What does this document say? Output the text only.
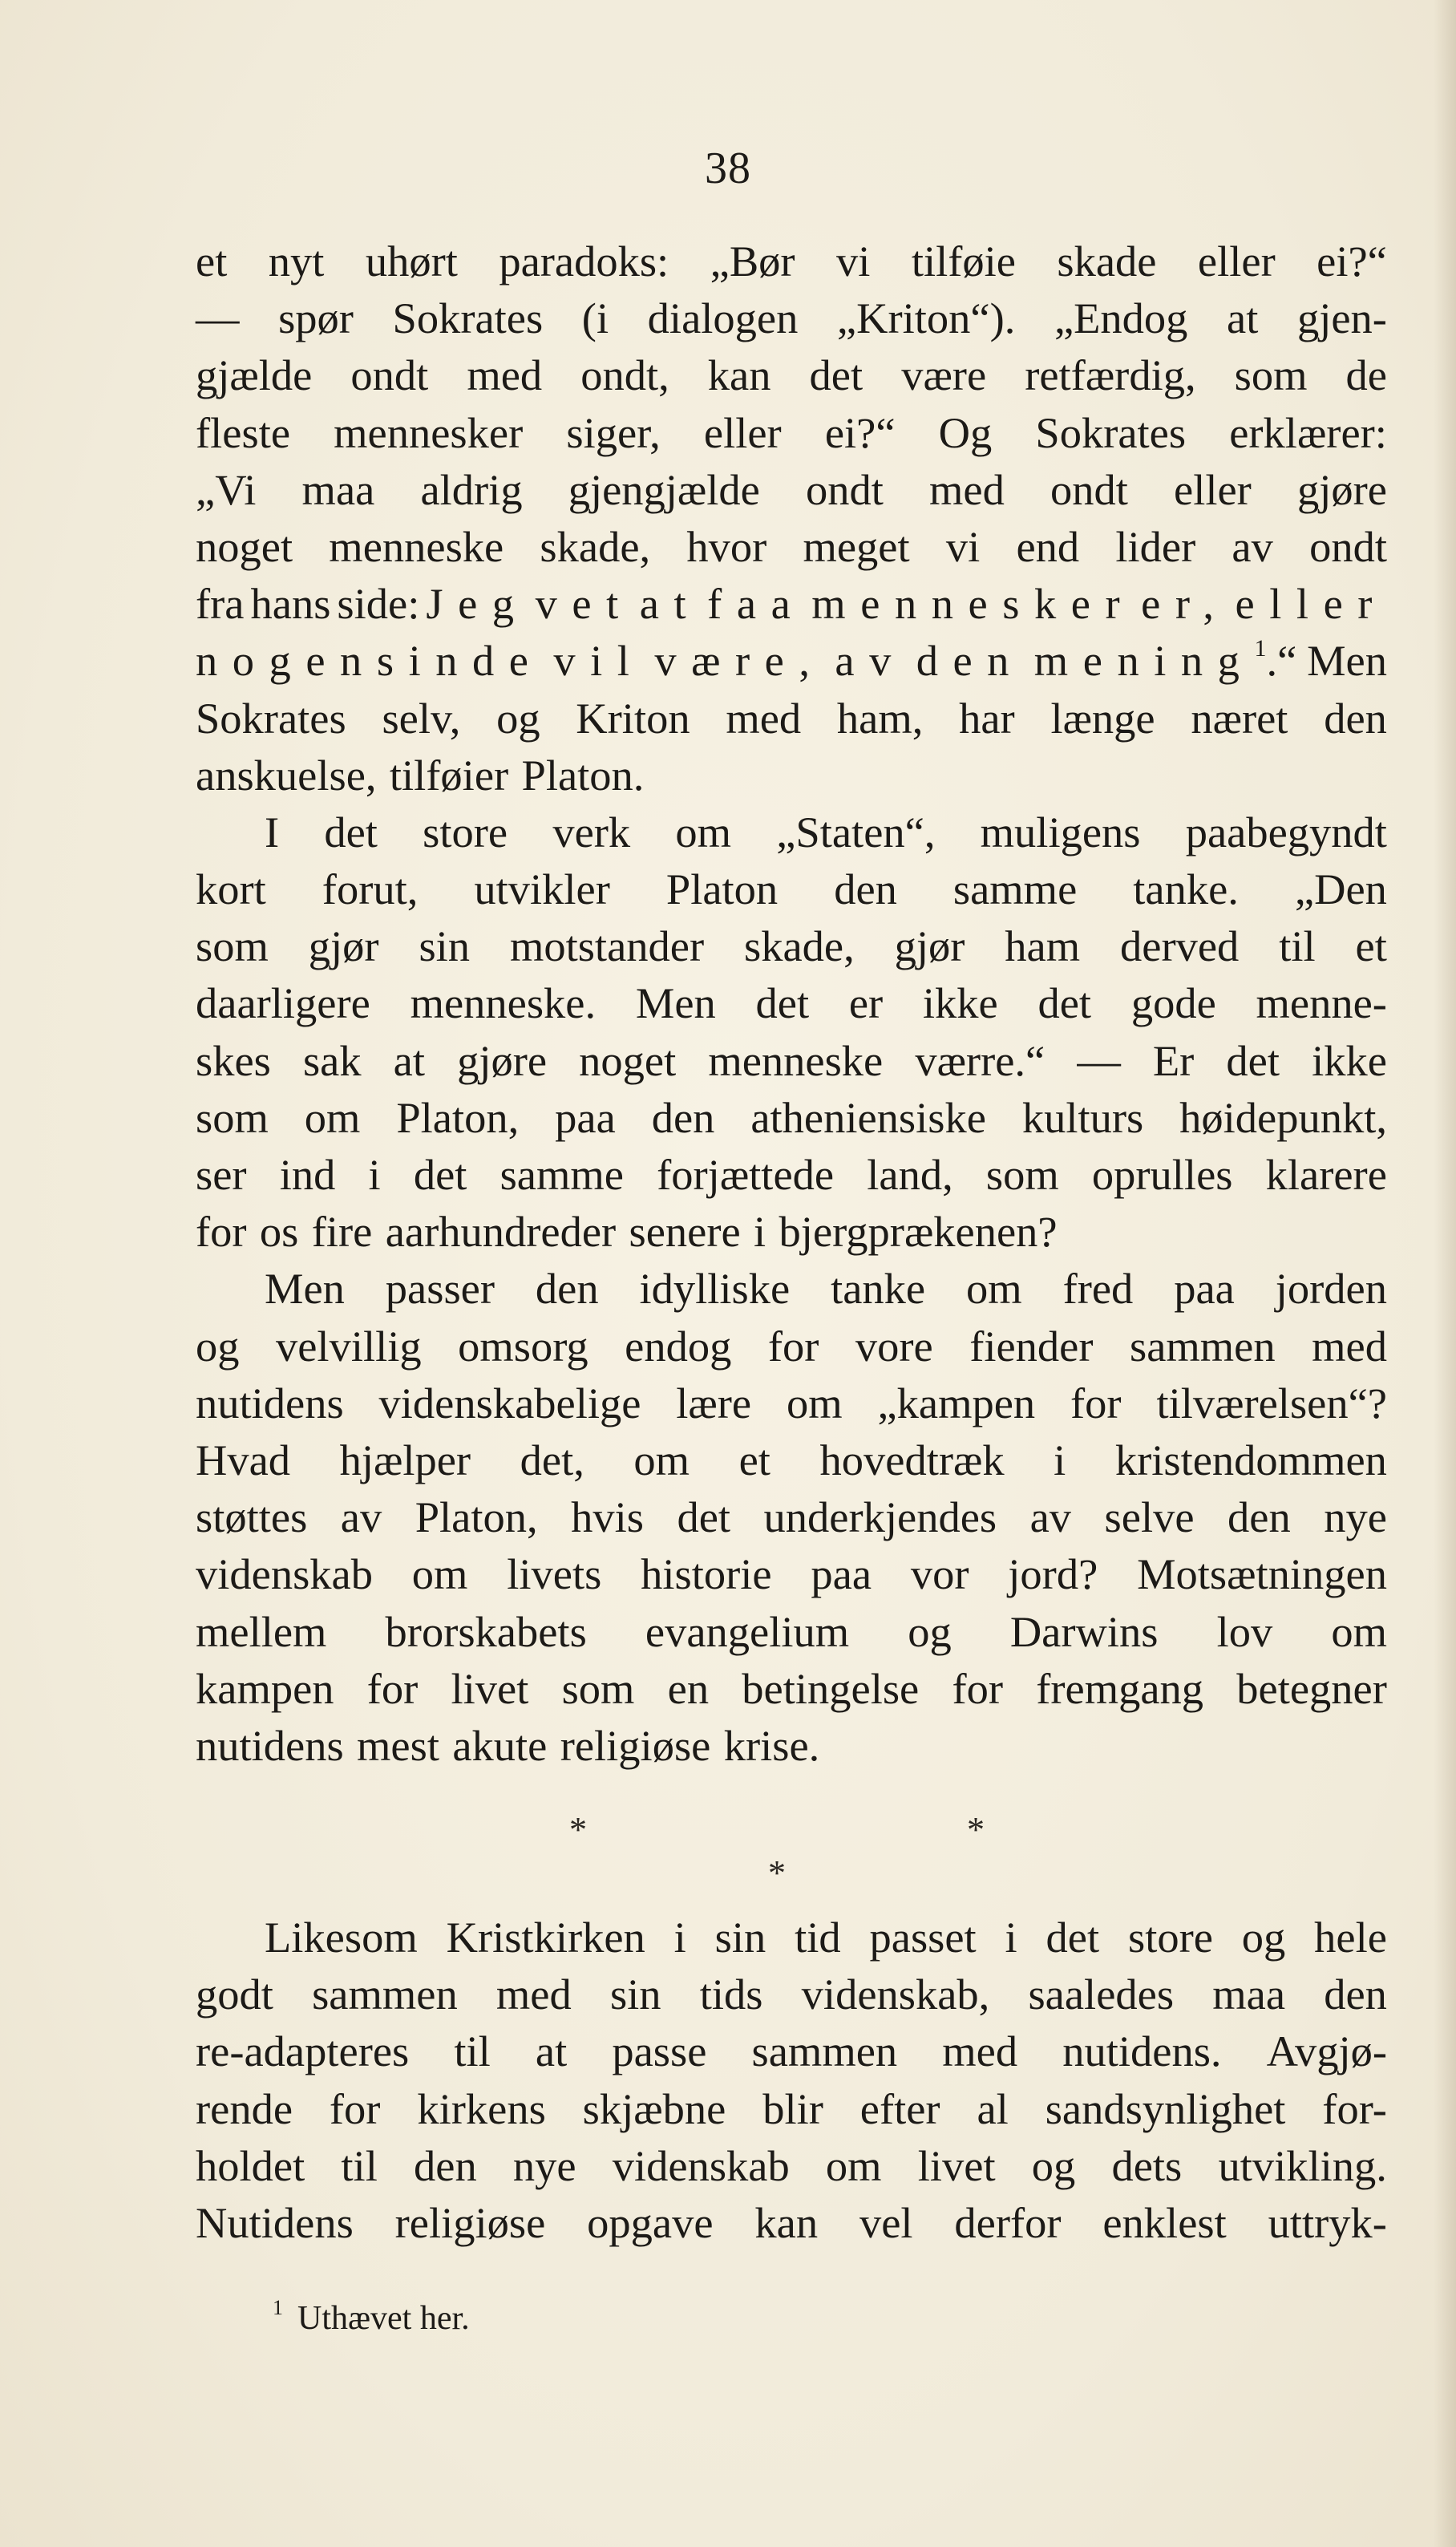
38
et nyt uhørt paradoks: „Bør vi tilføie skade eller ei?“
— spør Sokrates (i dialogen „Kriton“). „Endog at gjen-
gjælde ondt med ondt, kan det være retfærdig, som de
fleste mennesker siger, eller ei?“ Og Sokrates erklærer:
„Vi maa aldrig gjengjælde ondt med ondt eller gjøre
noget menneske skade, hvor meget vi end lider av ondt
fra hans side: Jeg vet at faa mennesker er, eller
nogensinde vil være, av den mening$^1$.“ Men
Sokrates selv, og Kriton med ham, har længe næret den
anskuelse, tilføier Platon.
I det store verk om „Staten“, muligens paabegyndt
kort forut, utvikler Platon den samme tanke. „Den
som gjør sin motstander skade, gjør ham derved til et
daarligere menneske. Men det er ikke det gode menne-
skes sak at gjøre noget menneske værre.“ — Er det ikke
som om Platon, paa den atheniensiske kulturs høidepunkt,
ser ind i det samme forjættede land, som oprulles klarere
for os fire aarhundreder senere i bjergprækenen?
Men passer den idylliske tanke om fred paa jorden
og velvillig omsorg endog for vore fiender sammen med
nutidens videnskabelige lære om „kampen for tilværelsen“?
Hvad hjælper det, om et hovedtræk i kristendommen
støttes av Platon, hvis det underkjendes av selve den nye
videnskab om livets historie paa vor jord? Motsætningen
mellem brorskabets evangelium og Darwins lov om
kampen for livet som en betingelse for fremgang betegner
nutidens mest akute religiøse krise.
*	*
*
Likesom Kristkirken i sin tid passet i det store og hele
godt sammen med sin tids videnskab, saaledes maa den
re-adapteres til at passe sammen med nutidens. Avgjø-
rende for kirkens skjæbne blir efter al sandsynlighet for-
holdet til den nye videnskab om livet og dets utvikling.
Nutidens religiøse opgave kan vel derfor enklest uttryk-
$^1$ Uthævet her.
